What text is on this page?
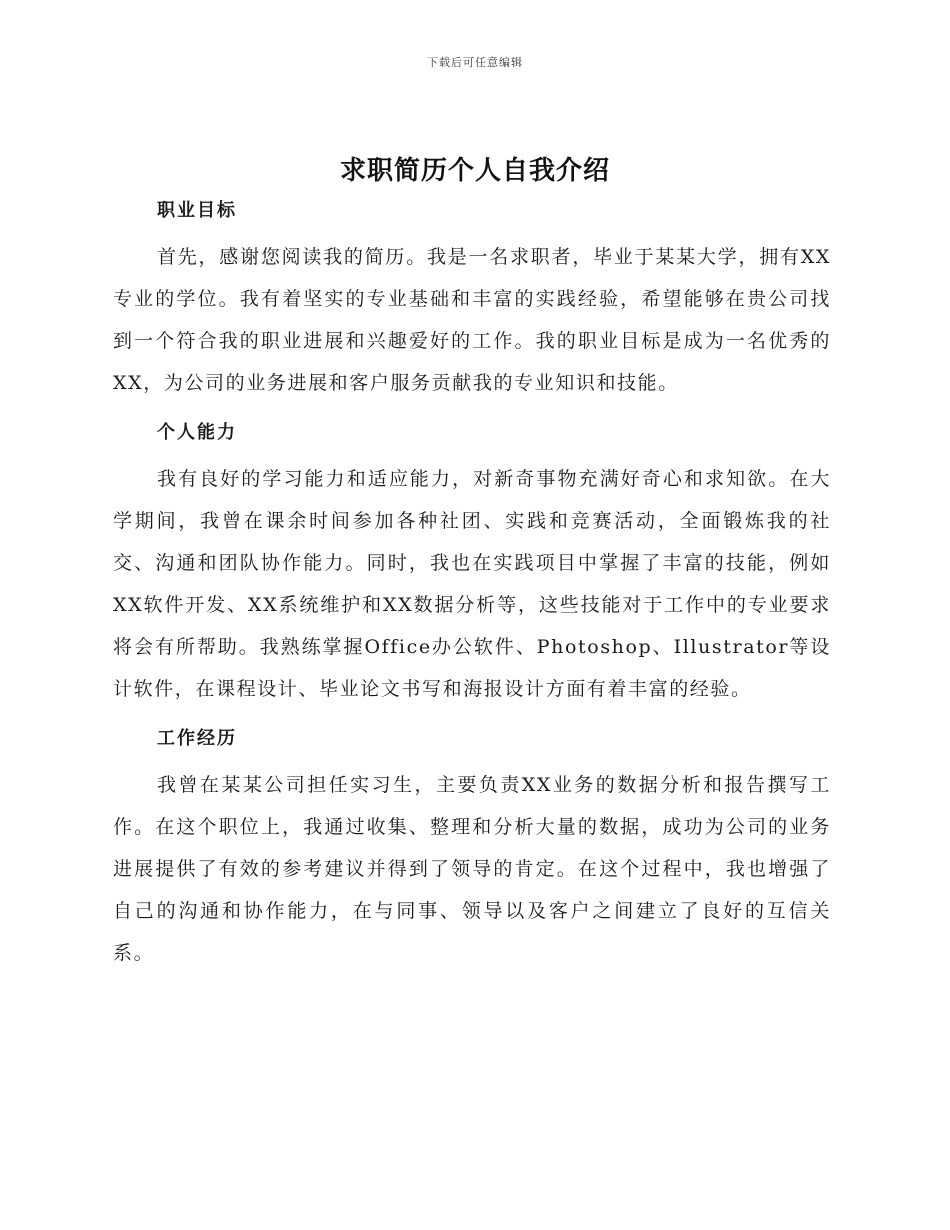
下载后可任意编辑
求职简历个人自我介绍
职业目标

首先，感谢您阅读我的简历。我是一名求职者，毕业于某某大学，拥有XX专业的学位。我有着坚实的专业基础和丰富的实践经验，希望能够在贵公司找到一个符合我的职业进展和兴趣爱好的工作。我的职业目标是成为一名优秀的XX，为公司的业务进展和客户服务贡献我的专业知识和技能。

个人能力

我有良好的学习能力和适应能力，对新奇事物充满好奇心和求知欲。在大学期间，我曾在课余时间参加各种社团、实践和竞赛活动，全面锻炼我的社交、沟通和团队协作能力。同时，我也在实践项目中掌握了丰富的技能，例如XX软件开发、XX系统维护和XX数据分析等，这些技能对于工作中的专业要求将会有所帮助。我熟练掌握Office办公软件、Photoshop、Illustrator等设计软件，在课程设计、毕业论文书写和海报设计方面有着丰富的经验。

工作经历

我曾在某某公司担任实习生，主要负责XX业务的数据分析和报告撰写工作。在这个职位上，我通过收集、整理和分析大量的数据，成功为公司的业务进展提供了有效的参考建议并得到了领导的肯定。在这个过程中，我也增强了自己的沟通和协作能力，在与同事、领导以及客户之间建立了良好的互信关系。
